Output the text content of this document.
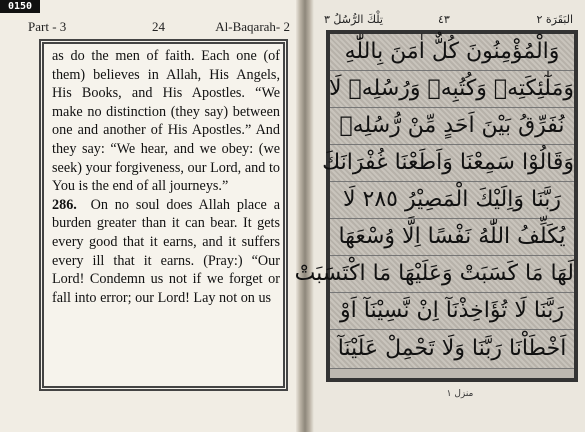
0150
Part - 3	24	Al-Baqarah- 2

as do the men of faith. Each one (of them) believes in Allah, His Angels, His Books, and His Apostles. “We make no distinction (they say) between one and another of His Apostles.” And they say: “We hear, and we obey: (we seek) your forgiveness, our Lord, and to You is the end of all journeys.”

286. On no soul does Allah place a burden greater than it can bear. It gets every good that it earns, and it suffers every ill that it earns. (Pray:) “Our Lord! Condemn us not if we forget or fall into error; our Lord! Lay not on us

تِلْكَ الرُّسُلُ ٣	٤٣	البَقَرَة ٢
وَالْمُؤْمِنُونَ كُلٌّ اٰمَنَ بِاللّٰهِ
وَمَلٰٓئِكَتِهٖ وَكُتُبِهٖ وَرُسُلِهٖ لَا
نُفَرِّقُ بَيْنَ اَحَدٍ مِّنْ رُّسُلِهٖ
وَقَالُوْا سَمِعْنَا وَاَطَعْنَا غُفْرَانَكَ
رَبَّنَا وَاِلَيْكَ الْمَصِيْرُ ٢٨٥ لَا
يُكَلِّفُ اللّٰهُ نَفْسًا اِلَّا وُسْعَهَا
لَهَا مَا كَسَبَتْ وَعَلَيْهَا مَا اكْتَسَبَتْ
رَبَّنَا لَا تُؤَاخِذْنَآ اِنْ نَّسِيْنَآ اَوْ
اَخْطَاْنَا رَبَّنَا وَلَا تَحْمِلْ عَلَيْنَآ
منزل ١
